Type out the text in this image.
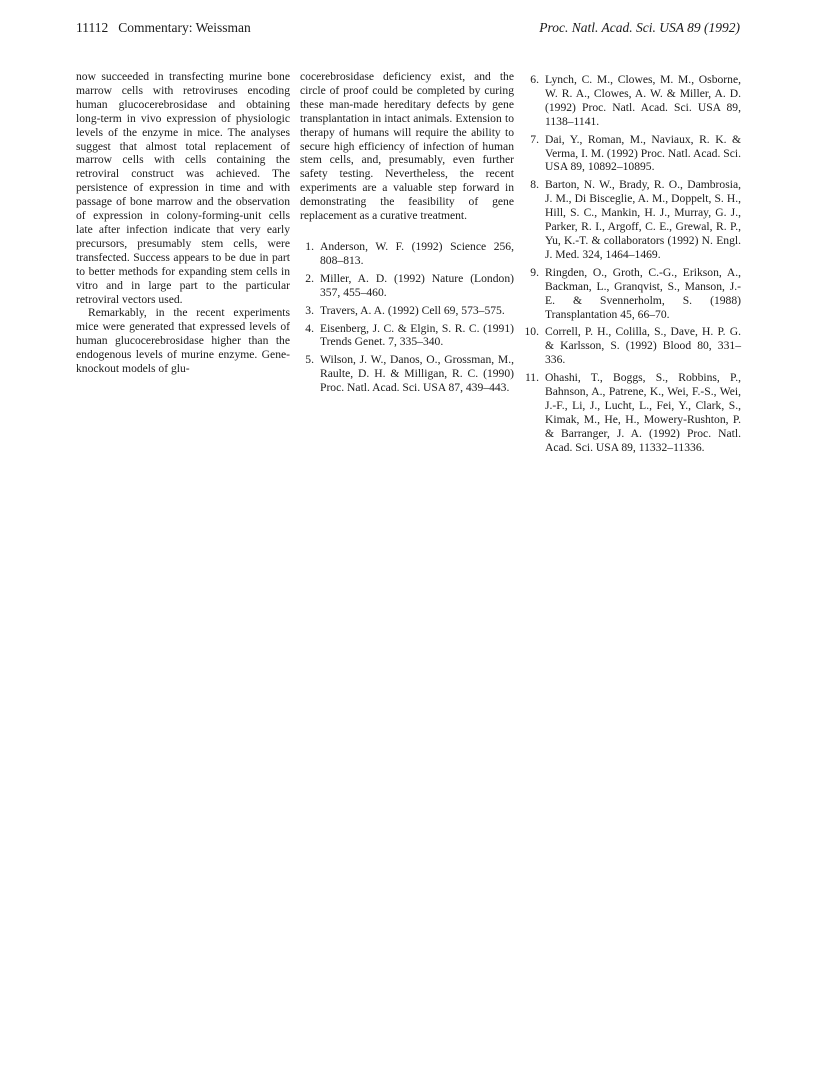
11112 Commentary: Weissman	Proc. Natl. Acad. Sci. USA 89 (1992)

now succeeded in transfecting murine bone marrow cells with retroviruses encoding human glucocerebrosidase and obtaining long-term in vivo expression of physiologic levels of the enzyme in mice. The analyses suggest that almost total replacement of marrow cells with cells containing the retroviral construct was achieved. The persistence of expression in time and with passage of bone marrow and the observation of expression in colony-forming-unit cells late after infection indicate that very early precursors, presumably stem cells, were transfected. Success appears to be due in part to better methods for expanding stem cells in vitro and in large part to the particular retroviral vectors used.

Remarkably, in the recent experiments mice were generated that expressed levels of human glucocerebrosidase higher than the endogenous levels of murine enzyme. Gene-knockout models of glu-

cocerebrosidase deficiency exist, and the circle of proof could be completed by curing these man-made hereditary defects by gene transplantation in intact animals. Extension to therapy of humans will require the ability to secure high efficiency of infection of human stem cells, and, presumably, even further safety testing. Nevertheless, the recent experiments are a valuable step forward in demonstrating the feasibility of gene replacement as a curative treatment.

1. Anderson, W. F. (1992) Science 256, 808–813.
2. Miller, A. D. (1992) Nature (London) 357, 455–460.
3. Travers, A. A. (1992) Cell 69, 573–575.
4. Eisenberg, J. C. & Elgin, S. R. C. (1991) Trends Genet. 7, 335–340.
5. Wilson, J. W., Danos, O., Grossman, M., Raulte, D. H. & Milligan, R. C. (1990) Proc. Natl. Acad. Sci. USA 87, 439–443.
6. Lynch, C. M., Clowes, M. M., Osborne, W. R. A., Clowes, A. W. & Miller, A. D. (1992) Proc. Natl. Acad. Sci. USA 89, 1138–1141.
7. Dai, Y., Roman, M., Naviaux, R. K. & Verma, I. M. (1992) Proc. Natl. Acad. Sci. USA 89, 10892–10895.
8. Barton, N. W., Brady, R. O., Dambrosia, J. M., Di Bisceglie, A. M., Doppelt, S. H., Hill, S. C., Mankin, H. J., Murray, G. J., Parker, R. I., Argoff, C. E., Grewal, R. P., Yu, K.-T. & collaborators (1992) N. Engl. J. Med. 324, 1464–1469.
9. Ringden, O., Groth, C.-G., Erikson, A., Backman, L., Granqvist, S., Manson, J.-E. & Svennerholm, S. (1988) Transplantation 45, 66–70.
10. Correll, P. H., Colilla, S., Dave, H. P. G. & Karlsson, S. (1992) Blood 80, 331–336.
11. Ohashi, T., Boggs, S., Robbins, P., Bahnson, A., Patrene, K., Wei, F.-S., Wei, J.-F., Li, J., Lucht, L., Fei, Y., Clark, S., Kimak, M., He, H., Mowery-Rushton, P. & Barranger, J. A. (1992) Proc. Natl. Acad. Sci. USA 89, 11332–11336.
